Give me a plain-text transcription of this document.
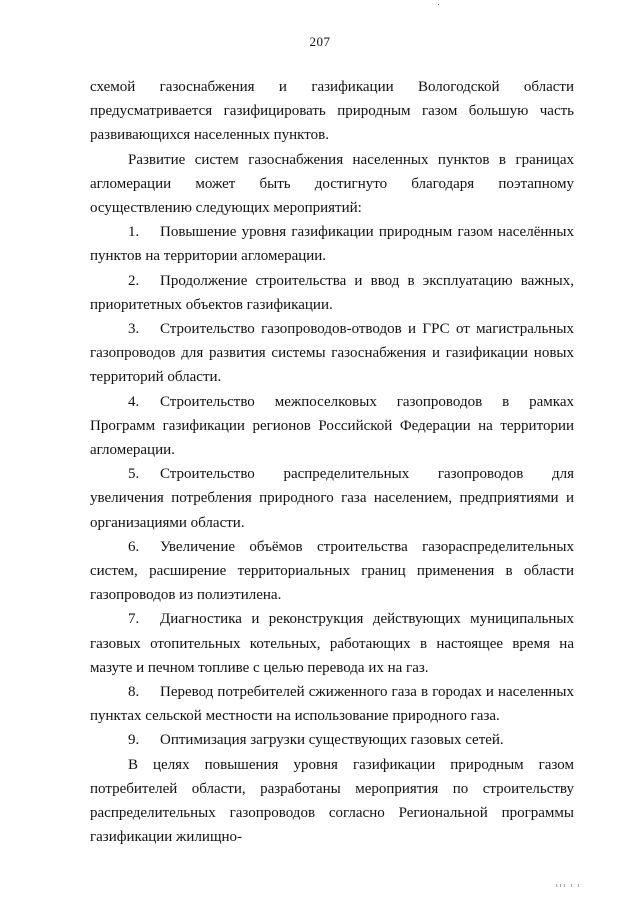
207

схемой газоснабжения и газификации Вологодской области предусматривается газифицировать природным газом большую часть развивающихся населенных пунктов.

Развитие систем газоснабжения населенных пунктов в границах агломерации может быть достигнуто благодаря поэтапному осуществлению следующих мероприятий:

1. Повышение уровня газификации природным газом населённых пунктов на территории агломерации.

2. Продолжение строительства и ввод в эксплуатацию важных, приоритетных объектов газификации.

3. Строительство газопроводов-отводов и ГРС от магистральных газопроводов для развития системы газоснабжения и газификации новых территорий области.

4. Строительство межпоселковых газопроводов в рамках Программ газификации регионов Российской Федерации на территории агломерации.

5. Строительство распределительных газопроводов для увеличения потребления природного газа населением, предприятиями и организациями области.

6. Увеличение объёмов строительства газораспределительных систем, расширение территориальных границ применения в области газопроводов из полиэтилена.

7. Диагностика и реконструкция действующих муниципальных газовых отопительных котельных, работающих в настоящее время на мазуте и печном топливе с целью перевода их на газ.

8. Перевод потребителей сжиженного газа в городах и населенных пунктах сельской местности на использование природного газа.

9. Оптимизация загрузки существующих газовых сетей.

В целях повышения уровня газификации природным газом потребителей области, разработаны мероприятия по строительству распределительных газопроводов согласно Региональной программы газификации жилищно-

ııı ı ı
